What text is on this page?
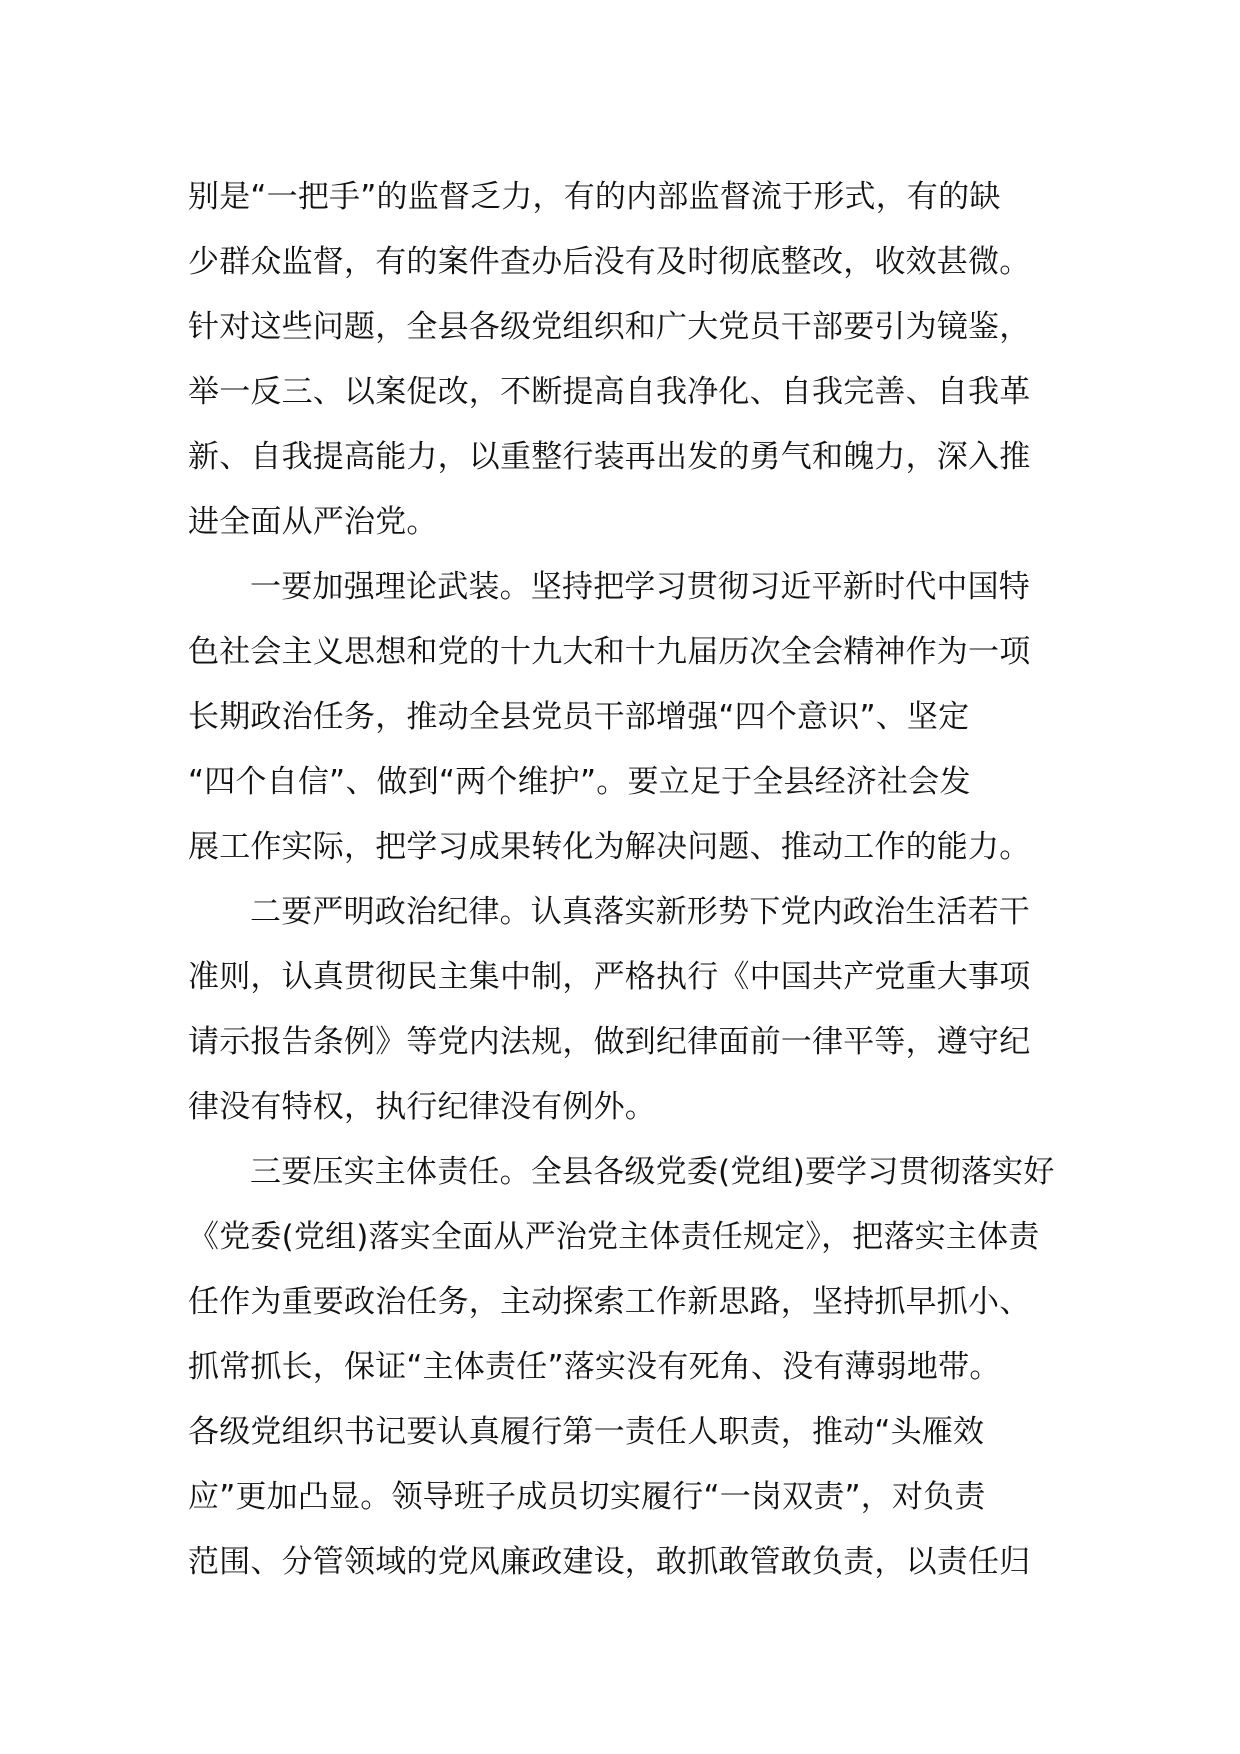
别是“一把手”的监督乏力，有的内部监督流于形式，有的缺
少群众监督，有的案件查办后没有及时彻底整改，收效甚微。
针对这些问题，全县各级党组织和广大党员干部要引为镜鉴，
举一反三、以案促改，不断提高自我净化、自我完善、自我革
新、自我提高能力，以重整行装再出发的勇气和魄力，深入推
进全面从严治党。
一要加强理论武装。坚持把学习贯彻习近平新时代中国特
色社会主义思想和党的十九大和十九届历次全会精神作为一项
长期政治任务，推动全县党员干部增强“四个意识”、坚定
“四个自信”、做到“两个维护”。要立足于全县经济社会发
展工作实际，把学习成果转化为解决问题、推动工作的能力。
二要严明政治纪律。认真落实新形势下党内政治生活若干
准则，认真贯彻民主集中制，严格执行《中国共产党重大事项
请示报告条例》等党内法规，做到纪律面前一律平等，遵守纪
律没有特权，执行纪律没有例外。
三要压实主体责任。全县各级党委(党组)要学习贯彻落实好
《党委(党组)落实全面从严治党主体责任规定》，把落实主体责
任作为重要政治任务，主动探索工作新思路，坚持抓早抓小、
抓常抓长，保证“主体责任”落实没有死角、没有薄弱地带。
各级党组织书记要认真履行第一责任人职责，推动“头雁效
应”更加凸显。领导班子成员切实履行“一岗双责”，对负责
范围、分管领域的党风廉政建设，敢抓敢管敢负责，以责任归
